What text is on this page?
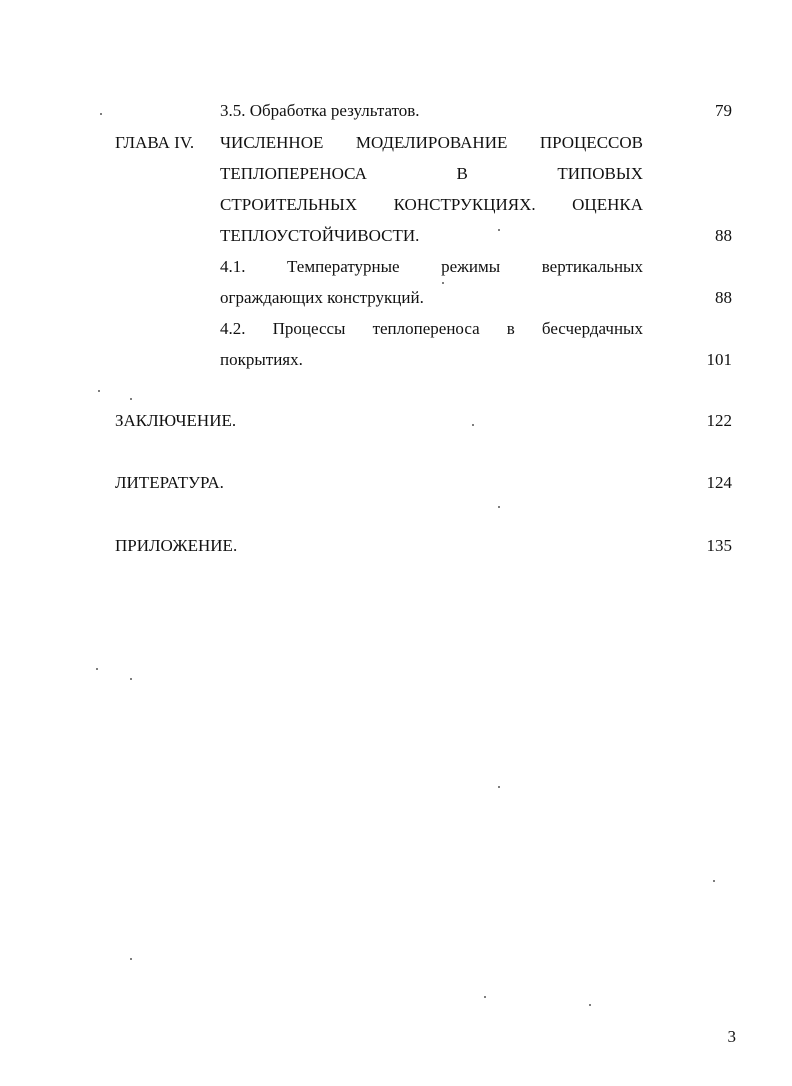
3.5. Обработка результатов.	79
ГЛАВА IV. ЧИСЛЕННОЕ МОДЕЛИРОВАНИЕ ПРОЦЕССОВ
ТЕПЛОПЕРЕНОСА	В	ТИПОВЫХ
СТРОИТЕЛЬНЫХ КОНСТРУКЦИЯХ. ОЦЕНКА
ТЕПЛОУСТОЙЧИВОСТИ.	88
4.1. Температурные режимы вертикальных
ограждающих конструкций.	88
4.2. Процессы теплопереноса в бесчердачных
покрытиях.	101
ЗАКЛЮЧЕНИЕ.	122
ЛИТЕРАТУРА.	124
ПРИЛОЖЕНИЕ.	135
3
